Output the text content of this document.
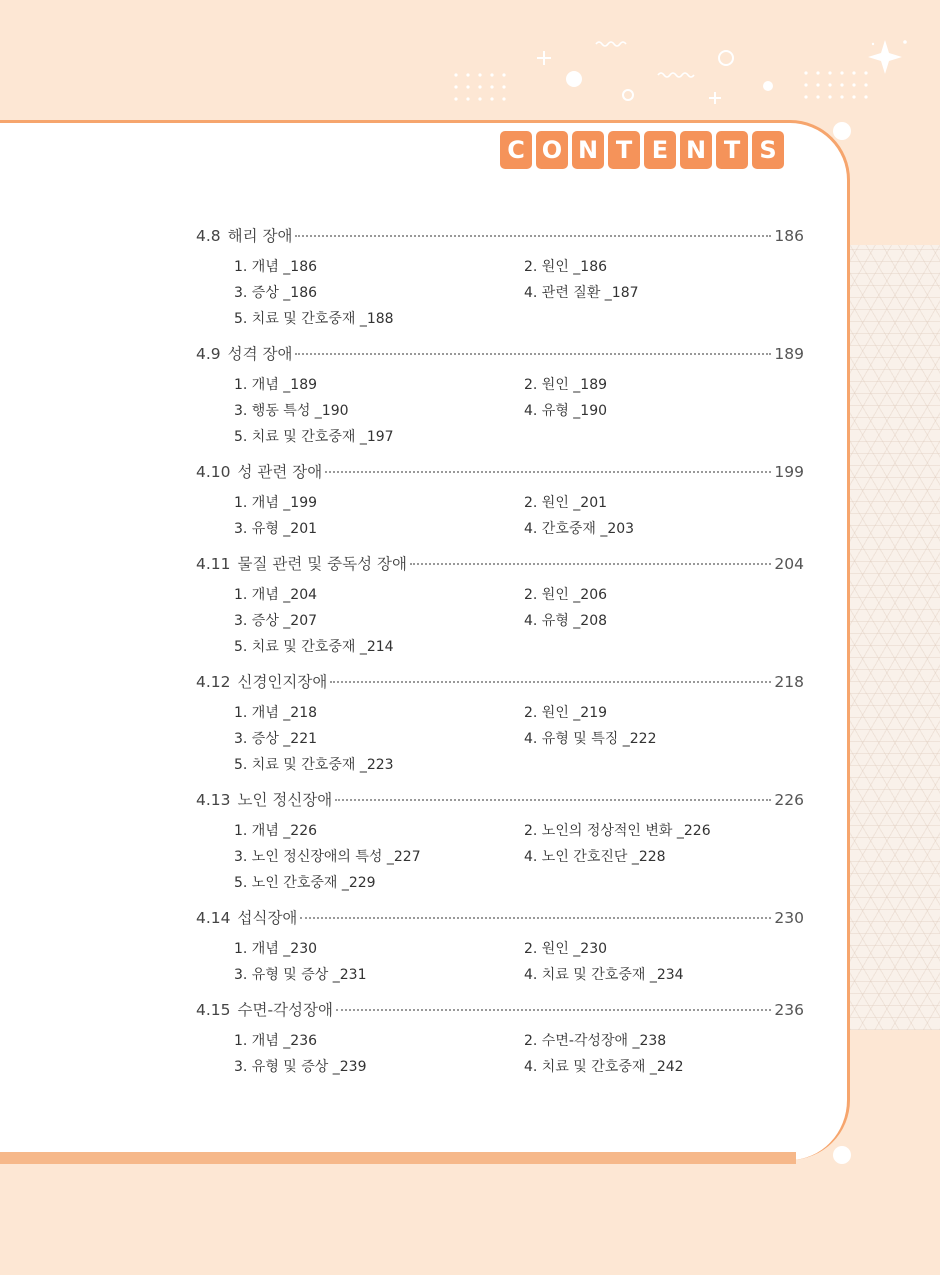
C O N T E N T S
4.8 해리 장애	186
1. 개념 _186	2. 원인 _186
3. 증상 _186	4. 관련 질환 _187
5. 치료 및 간호중재 _188
4.9 성격 장애	189
1. 개념 _189	2. 원인 _189
3. 행동 특성 _190	4. 유형 _190
5. 치료 및 간호중재 _197
4.10 성 관련 장애	199
1. 개념 _199	2. 원인 _201
3. 유형 _201	4. 간호중재 _203
4.11 물질 관련 및 중독성 장애	204
1. 개념 _204	2. 원인 _206
3. 증상 _207	4. 유형 _208
5. 치료 및 간호중재 _214
4.12 신경인지장애	218
1. 개념 _218	2. 원인 _219
3. 증상 _221	4. 유형 및 특징 _222
5. 치료 및 간호중재 _223
4.13 노인 정신장애	226
1. 개념 _226	2. 노인의 정상적인 변화 _226
3. 노인 정신장애의 특성 _227	4. 노인 간호진단 _228
5. 노인 간호중재 _229
4.14 섭식장애	230
1. 개념 _230	2. 원인 _230
3. 유형 및 증상 _231	4. 치료 및 간호중재 _234
4.15 수면-각성장애	236
1. 개념 _236	2. 수면-각성장애 _238
3. 유형 및 증상 _239	4. 치료 및 간호중재 _242
